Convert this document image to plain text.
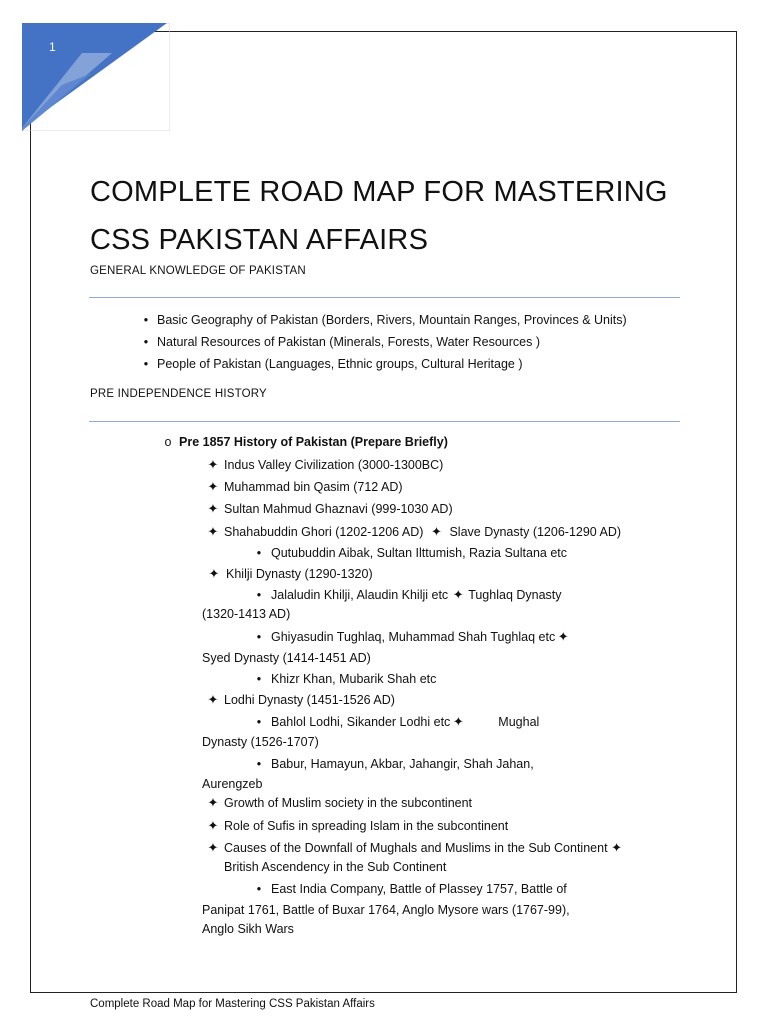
1
COMPLETE ROAD MAP FOR MASTERING
CSS PAKISTAN AFFAIRS
GENERAL KNOWLEDGE OF PAKISTAN
• Basic Geography of Pakistan (Borders, Rivers, Mountain Ranges, Provinces & Units)
• Natural Resources of Pakistan (Minerals, Forests, Water Resources )
• People of Pakistan (Languages, Ethnic groups, Cultural Heritage )
PRE INDEPENDENCE HISTORY
o Pre 1857 History of Pakistan (Prepare Briefly)
✦ Indus Valley Civilization (3000-1300BC)
✦ Muhammad bin Qasim (712 AD)
✦ Sultan Mahmud Ghaznavi (999-1030 AD)
✦ Shahabuddin Ghori (1202-1206 AD) ✦ Slave Dynasty (1206-1290 AD)
• Qutubuddin Aibak, Sultan Ilttumish, Razia Sultana etc
✦ Khilji Dynasty (1290-1320)
• Jalaludin Khilji, Alaudin Khilji etc ✦ Tughlaq Dynasty
(1320-1413 AD)
• Ghiyasudin Tughlaq, Muhammad Shah Tughlaq etc ✦
Syed Dynasty (1414-1451 AD)
• Khizr Khan, Mubarik Shah etc
✦ Lodhi Dynasty (1451-1526 AD)
• Bahlol Lodhi, Sikander Lodhi etc ✦	Mughal
Dynasty (1526-1707)
• Babur, Hamayun, Akbar, Jahangir, Shah Jahan,
Aurengzeb
✦ Growth of Muslim society in the subcontinent
✦ Role of Sufis in spreading Islam in the subcontinent
✦ Causes of the Downfall of Mughals and Muslims in the Sub Continent ✦
British Ascendency in the Sub Continent
• East India Company, Battle of Plassey 1757, Battle of
Panipat 1761, Battle of Buxar 1764, Anglo Mysore wars (1767-99),
Anglo Sikh Wars
Complete Road Map for Mastering CSS Pakistan Affairs
